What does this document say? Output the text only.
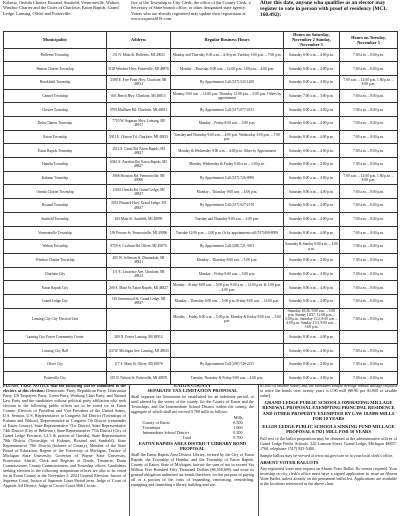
Kalamo, Oneida Charter, Roxand, Sunfield, Vermontville, Walton, Windsor Charter and the Cities of Charlotte, Eaton Rapids, Grand Ledge, Lansing, Olivet and Potterville.

fice of the Township or City Clerk; the office of the County Clerk, a Secretary of State branch office, or other designated state agency. Voters who are already registered may update their registration at www.expressSOS.com.

After this date, anyone who qualifies as an elector may register to vote in person with proof of residency (MCL 168.492):

Municipality	Address	Regular Business Hours	Hours on Saturday, November 2 Sunday, November 3	Hours on Tuesday, November 5
Bellevue Township	131 N. Main St. Bellevue, MI 49021	Monday and Thursday 9:30 a.m. – 4:30 p.m. Tuesday 5:00 p.m. – 7:00 p.m.	Saturday 8:00 a.m. – 4:00 p.m.	7:00 a.m. – 8:00 p.m.
Benton Charter Township	5128 Windsor Hwy. Potterville, MI 48876	Monday – Thursday 9:00 a.m. – 12:00 p.m. 1:00 p.m. – 4:00 p.m.	Saturday 8:00 a.m. – 4:00 p.m.	7:00 a.m. – 8:00 p.m.
Brookfield Township	2580 E. Five Point Hwy. Charlotte, MI 48813	By Appointment Call (517) 543-1209	Saturday 8:00 a.m. – 4:00 p.m.	7:00 a.m. – 12:00 p.m. 1:00 p.m. – 8:00 p.m.
Carmel Township	601 Beech Hwy. Charlotte, MI 48813	Monday 9:00 a.m. – 12:00 p.m. Thursday 12:00 p.m. – 5:00 p.m. Others by appointment	Saturday 7:00 a.m. – 3:00 p.m.	7:00 a.m. – 8:00 p.m.
Chester Township	4795 Mulliken Rd. Charlotte, MI 48813	By Appointment Call (517) 877-0311	Saturday 8:00 a.m. – 4:00 p.m.	7:00 a.m. – 8:00 p.m.
Delta Charter Township	7710 W. Saginaw Hwy. Lansing, MI 48917	Monday – Friday 8:00 a.m. – 5:00 p.m.	Saturday 8:00 a.m. – 4:00 p.m.	7:00 a.m. – 8:00 p.m.
Eaton Township	3301 E. Clinton Trl. Charlotte, MI 48813	Tuesday and Thursday 9:00 a.m. – 4:00 p.m. Wednesday 3:00 p.m. – 7:00 p.m.	Saturday 8:00 a.m. – 4:00 p.m.	7:00 a.m. – 8:00 p.m.
Eaton Rapids Township	2512 S. Canal Rd. Eaton Rapids, MI 48827	Monday & Wednesday 9:00 a.m. – 4:00 p.m. Other by Appointment	Saturday 8:00 a.m. – 4:00 p.m.	7:00 a.m. – 8:00 p.m.
Hamlin Township	6061 S. Aurelius Rd. Eaton Rapids, MI 48827	Monday, Wednesday & Friday 9:00 a.m. – 1:00 p.m.	Saturday 8:00 a.m. – 4:00 p.m.	7:00 a.m. – 8:00 p.m.
Kalamo Township	3966 Houston Rd. Vermontville, MI 49096	By Appointment Call (517) 726-0990	Saturday 8:00 a.m. – 4:00 p.m.	7:00 a.m. – 12:00 p.m. 1:00 p.m. – 8:00 p.m.
Oneida Charter Township	11041 Oneida Rd. Grand Ledge, MI 48837	Monday – Thursday 9:00 a.m. – 4:00 p.m.	Saturday 8:00 a.m. – 4:00 p.m.	7:00 a.m. – 8:00 p.m.
Roxand Township	2051 Bismark Hwy. Grand Ledge, MI 48837	By Appointment Call (517) 627-1070	Saturday 8:00 a.m. – 4:00 p.m.	7:00 a.m. – 8:00 p.m.
Sunfield Township	165 Main St. Sunfield, MI 48890	Tuesday and Thursday 9:00 a.m. – 3:00 p.m.	Saturday 8:00 a.m. – 4:00 p.m.	7:00 a.m. – 8:00 p.m.
Vermontville Township	150 Prosser St. Vermontville, MI 49096	Tuesday 12:00 p.m. – 2:00 p.m. Or by appointment call (517)490-8959	Saturday 8:00 a.m. – 4:00 p.m.	7:00 a.m. – 8:00 p.m.
Walton Township	8759 S. Cochran Rd. Olivet, MI 49076	By Appointment Call (269) 721-3301	Saturday & Sunday 8:00 a.m. – 4:00 p.m.	7:00 a.m. – 8:00 p.m.
Windsor Charter Township	405 W. Jefferson St. Dimondale, MI 48821	Monday – Thursday 8:00 a.m. – 5:00 p.m.	Saturday 8:00 a.m. – 4:00 p.m.	7:00 a.m. – 8:00 p.m.
Charlotte City	111 E. Lawrence Ave. Charlotte, MI 48813	Monday – Friday 8:00 a.m. – 5:00 p.m.	Saturday 8:00 a.m. – 4:00 p.m.	7:00 a.m. – 8:00 p.m.
Eaton Rapids City	200 S. Main St. Eaton Rapids, MI 48827	Monday – Friday 8:00 a.m. – 5:00 p.m. 9:00 a.m. – 12:00 p.m. & 1:00 p.m. – 4:00 p.m.	Saturday 8:00 a.m. – 4:00 p.m.	7:00 a.m. – 8:00 p.m.
Grand Ledge City	310 Greenwood St. Grand Ledge, MI 48837	Monday – Thursday 8:00 a.m. – 5:00 p.m. Friday 8:00 a.m. – 12:00 p.m.	Saturday 8:00 a.m. – 4:00 p.m.	7:00 a.m. – 8:00 p.m.
Lansing City City Election Unit		Monday – Friday 8:00 a.m. – 5:00 p.m. Monday & Friday 8:00 a.m. – 5:00 p.m.	Saturday 10/26, 9:00 a.m. – 5:00 p.m. Sunday 10/27, 12:00 p.m. – 5:00 p.m. Saturday 11/2, 8:00 a.m. – 4:00 p.m. Sunday 11/3, 9:00 a.m. – 5:00 p.m.	7:00 a.m. – 8:00 p.m.
Lansing City Foster Community Center	200 N. Foster Lansing, MI 48912		Saturday 8:00 a.m. – 4:00 p.m.	
Lansing City Hall	124 W. Michigan Ave. Lansing, MI 48933		Saturday 8:00 a.m. – 4:00 p.m.	7:00 a.m. – 8:00 p.m.
Olivet City	117 S. Main St. Olivet, MI 49076	By Appointment Call (269) 749-2211	Saturday 8:00 a.m. – 4:00 p.m.	7:00 a.m. – 8:00 p.m.
Potterville City	319 N. Nelson St. Potterville, MI 48876	Tuesday, Thursday & Friday 9:00 a.m. – 4:00 p.m.	Saturday 8:00 a.m. – 4:00 p.m.	7:00 a.m. – 8:00 p.m.

PLEASE TAKE NOTICE that the following will be submitted to the electors at this election: Democratic Party, Republican Party, Libertarian Party, US Taxpayers Party, Green Party, Working Class Party, and Natural Law Party and the candidates without political party affiliation who seek election to the following public offices are to be voted for in Eaton County: Electors of President and Vice-President of the United States, U.S. Senator, U.S. Representative in Congress 3rd District (Townships of Kalamo and Walton), Representative in Congress 7th District (remainder of Eaton County), State Representative 71st District, State Representative 74th District (City of Bellevue), State Representative 77th District (City of Grand Ledge Precincts 1,2,3 & portion of Oneida), State Representative 78th District (Townships of Kalamo, Roxand and Sunfield), State Representative 79th District (balance of County), Member of the State Board of Education, Regent of the University of Michigan, Trustee of Michigan State University, Governor of Wayne State University, Prosecutor, Sheriff, Clerk and Register of Deeds, Treasurer, Drain Commissioner, County Commissioners, and Township offices. Candidates seeking election to the following nonpartisan offices are also to be voted for in Eaton County at the November 5, 2024 General Election: Justice of Supreme Court, Justice of Supreme Court Partial term, Judge of Court of Appeals 3rd District, Judge of Circuit Court 56th Circuit.

EATON COUNTY

SEPARATE TAX LIMITATION PROPOSAL

Shall separate tax limitations be established for an indefinite period, or until altered by the voters of the county, for the County of Eaton and the Townships, and the Intermediate School District within the county, the aggregate of which shall not exceed 9.700 mills as follows:

	Mills
County of Eaton	8.500
Townships	1.000
Intermediate School District	0.200
Total	9.700

EATON RAPIDS AREA DISTRICT LIBRARY BOND PROPOSAL

Shall the Eaton Rapids Area District Library, formed by the City of Eaton Rapids, the Township of Hamlin, and the Township of Eaton Rapids, County of Eaton, State of Michigan, borrow the sum of not to exceed Six Million Five Hundred Fifty Thousand Dollars ($6,550,000) and issue its general obligation unlimited tax bonds therefore, for the purpose of paying all or a portion of the costs of expanding, renovating, remodeling, equipping and furnishing a library building and site.

$1,000 of taxable value) and the estimated simple average annual millage required to retire the bonds over twenty years is 0.90 mill ($0.90 per $1,000 of taxable value).

GRAND LEDGE PUBLIC SCHOOLS OPERATING MILLAGE RENEWAL PROPOSAL EXEMPTING PRINCIPAL RESIDENCE AND OTHER PROPERTY EXEMPTED BY LAW 18.8099 MILLS FOR 10 YEARS

ELGIN LEDGE PUBLIC SCHOOLS SINKING FUND MILLAGE PROPOSAL 0.7921 MILL FOR 10 YEARS

Full text of the ballot proposition may be obtained at the administrative offices of Grand Ledge Public Schools, 220 Lamson Street, Grand Ledge, Michigan 48837-1760, telephone: (517) 925-5400.

Sample ballots may be viewed at www.mi.gov/vote or at your local clerk's office.

ABSENT VOTER BALLOTS

Any registered voter may request an Absent Voter Ballot. No reason required. Your township or city clerk's office must have a signed application to issue an Absent Voter Ballot, unless already on the permanent ballot list. Applications are available at the locations referenced in the above chart.
